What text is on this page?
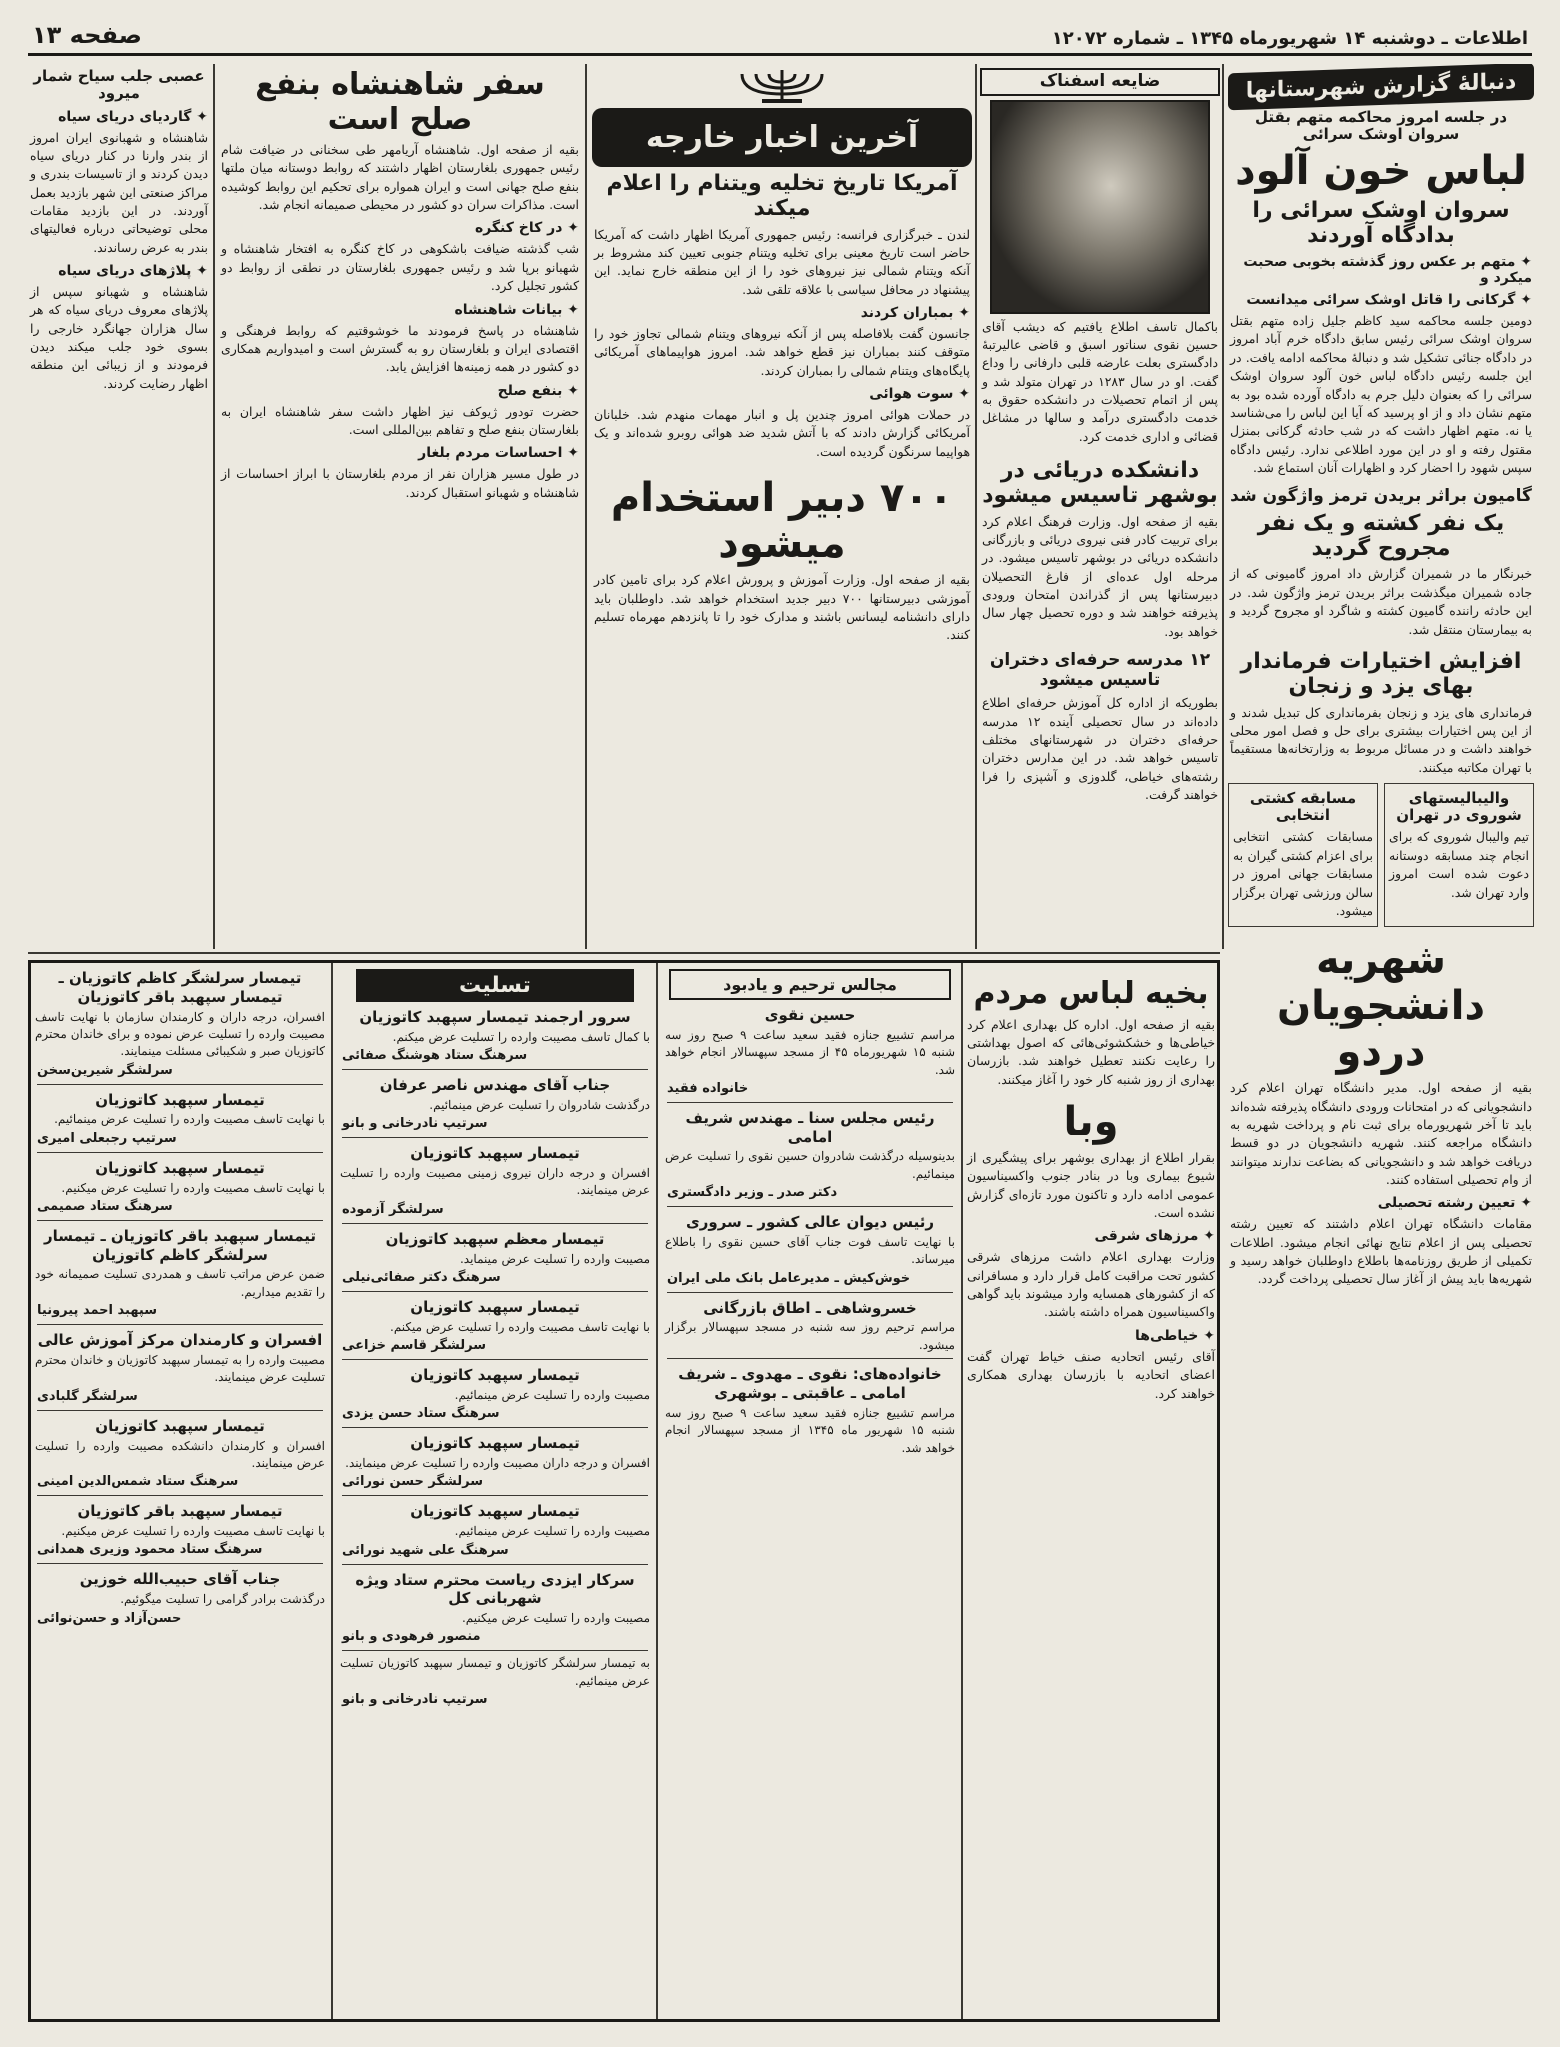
اطلاعات ـ دوشنبه ۱۴ شهریورماه ۱۳۴۵ ـ شماره ۱۲۰۷۲
صفحه ۱۳
دنبالۀ گزارش شهرستانها
در جلسه امروز محاکمه متهم بقتل سروان اوشک سرائی
لباس خون آلود
سروان اوشک سرائی را بدادگاه آوردند
✦ متهم بر عکس روز گذشته بخوبی صحبت میکرد و
✦ گرکانی را قاتل اوشک سرائی میدانست
دومین جلسه محاکمه سید کاظم جلیل زاده متهم بقتل سروان اوشک سرائی رئیس سابق دادگاه خرم آباد امروز در دادگاه جنائی تشکیل شد و دنبالۀ محاکمه ادامه یافت. در این جلسه رئیس دادگاه لباس خون آلود سروان اوشک سرائی را که بعنوان دلیل جرم به دادگاه آورده شده بود به متهم نشان داد و از او پرسید که آیا این لباس را می‌شناسد یا نه. متهم اظهار داشت که در شب حادثه گرکانی بمنزل مقتول رفته و او در این مورد اطلاعی ندارد. رئیس دادگاه سپس شهود را احضار کرد و اظهارات آنان استماع شد.
گامیون براثر بریدن ترمز واژگون شد
یک نفر کشته و یک نفر مجروح گردید
خبرنگار ما در شمیران گزارش داد امروز گامیونی که از جاده شمیران میگذشت براثر بریدن ترمز واژگون شد. در این حادثه راننده گامیون کشته و شاگرد او مجروح گردید و به بیمارستان منتقل شد.
افزایش اختیارات فرماندار بهای یزد و زنجان
فرمانداری های یزد و زنجان بفرمانداری کل تبدیل شدند و از این پس اختیارات بیشتری برای حل و فصل امور محلی خواهند داشت و در مسائل مربوط به وزارتخانه‌ها مستقیماً با تهران مکاتبه میکنند.
والیبالیستهای شوروی در تهران
تیم والیبال شوروی که برای انجام چند مسابقه دوستانه دعوت شده است امروز وارد تهران شد.
مسابقه کشتی انتخابی
مسابقات کشتی انتخابی برای اعزام کشتی گیران به مسابقات جهانی امروز در سالن ورزشی تهران برگزار میشود.
شهریه دانشجویان دردو
بقیه از صفحه اول. مدیر دانشگاه تهران اعلام کرد دانشجویانی که در امتحانات ورودی دانشگاه پذیرفته شده‌اند باید تا آخر شهریورماه برای ثبت نام و پرداخت شهریه به دانشگاه مراجعه کنند. شهریه دانشجویان در دو قسط دریافت خواهد شد و دانشجویانی که بضاعت ندارند میتوانند از وام تحصیلی استفاده کنند.
✦ تعیین رشته تحصیلی
مقامات دانشگاه تهران اعلام داشتند که تعیین رشته تحصیلی پس از اعلام نتایج نهائی انجام میشود. اطلاعات تکمیلی از طریق روزنامه‌ها باطلاع داوطلبان خواهد رسید و شهریه‌ها باید پیش از آغاز سال تحصیلی پرداخت گردد.
ضایعه اسفناک
باکمال تاسف اطلاع یافتیم که دیشب آقای حسین نقوی سناتور اسبق و قاضی عالیرتبۀ دادگستری بعلت عارضه قلبی دارفانی را وداع گفت. او در سال ۱۲۸۳ در تهران متولد شد و پس از اتمام تحصیلات در دانشکده حقوق به خدمت دادگستری درآمد و سالها در مشاغل قضائی و اداری خدمت کرد.
دانشکده دریائی در بوشهر تاسیس میشود
بقیه از صفحه اول. وزارت فرهنگ اعلام کرد برای تربیت کادر فنی نیروی دریائی و بازرگانی دانشکده دریائی در بوشهر تاسیس میشود. در مرحله اول عده‌ای از فارغ التحصیلان دبیرستانها پس از گذراندن امتحان ورودی پذیرفته خواهند شد و دوره تحصیل چهار سال خواهد بود.
۱۲ مدرسه حرفه‌ای دختران تاسیس میشود
بطوریکه از اداره کل آموزش حرفه‌ای اطلاع داده‌اند در سال تحصیلی آینده ۱۲ مدرسه حرفه‌ای دختران در شهرستانهای مختلف تاسیس خواهد شد. در این مدارس دختران رشته‌های خیاطی، گلدوزی و آشپزی را فرا خواهند گرفت.
آخرین اخبار خارجه
آمریکا تاریخ تخلیه ویتنام را اعلام میکند
لندن ـ خبرگزاری فرانسه: رئیس جمهوری آمریکا اظهار داشت که آمریکا حاضر است تاریخ معینی برای تخلیه ویتنام جنوبی تعیین کند مشروط بر آنکه ویتنام شمالی نیز نیروهای خود را از این منطقه خارج نماید. این پیشنهاد در محافل سیاسی با علاقه تلقی شد.
✦ بمباران کردند
جانسون گفت بلافاصله پس از آنکه نیروهای ویتنام شمالی تجاوز خود را متوقف کنند بمباران نیز قطع خواهد شد. امروز هواپیماهای آمریکائی پایگاه‌های ویتنام شمالی را بمباران کردند.
✦ سوت هوائی
در حملات هوائی امروز چندین پل و انبار مهمات منهدم شد. خلبانان آمریکائی گزارش دادند که با آتش شدید ضد هوائی روبرو شده‌اند و یک هواپیما سرنگون گردیده است.
۷۰۰ دبیر استخدام میشود
بقیه از صفحه اول. وزارت آموزش و پرورش اعلام کرد برای تامین کادر آموزشی دبیرستانها ۷۰۰ دبیر جدید استخدام خواهد شد. داوطلبان باید دارای دانشنامه لیسانس باشند و مدارک خود را تا پانزدهم مهرماه تسلیم کنند.
سفر شاهنشاه بنفع صلح است
بقیه از صفحه اول. شاهنشاه آریامهر طی سخنانی در ضیافت شام رئیس جمهوری بلغارستان اظهار داشتند که روابط دوستانه میان ملتها بنفع صلح جهانی است و ایران همواره برای تحکیم این روابط کوشیده است. مذاکرات سران دو کشور در محیطی صمیمانه انجام شد.
✦ در کاخ کنگره
شب گذشته ضیافت باشکوهی در کاخ کنگره به افتخار شاهنشاه و شهبانو برپا شد و رئیس جمهوری بلغارستان در نطقی از روابط دو کشور تجلیل کرد.
✦ بیانات شاهنشاه
شاهنشاه در پاسخ فرمودند ما خوشوقتیم که روابط فرهنگی و اقتصادی ایران و بلغارستان رو به گسترش است و امیدواریم همکاری دو کشور در همه زمینه‌ها افزایش یابد.
✦ بنفع صلح
حضرت تودور ژیوکف نیز اظهار داشت سفر شاهنشاه ایران به بلغارستان بنفع صلح و تفاهم بین‌المللی است.
✦ احساسات مردم بلغار
در طول مسیر هزاران نفر از مردم بلغارستان با ابراز احساسات از شاهنشاه و شهبانو استقبال کردند.
عصبی جلب سیاح شمار میرود
✦ گاردیای دریای سیاه
شاهنشاه و شهبانوی ایران امروز از بندر وارنا در کنار دریای سیاه دیدن کردند و از تاسیسات بندری و مراکز صنعتی این شهر بازدید بعمل آوردند. در این بازدید مقامات محلی توضیحاتی درباره فعالیتهای بندر به عرض رساندند.
✦ پلاژهای دریای سیاه
شاهنشاه و شهبانو سپس از پلاژهای معروف دریای سیاه که هر سال هزاران جهانگرد خارجی را بسوی خود جلب میکند دیدن فرمودند و از زیبائی این منطقه اظهار رضایت کردند.
بخیه لباس مردم
بقیه از صفحه اول. اداره کل بهداری اعلام کرد خیاطی‌ها و خشکشوئی‌هائی که اصول بهداشتی را رعایت نکنند تعطیل خواهند شد. بازرسان بهداری از روز شنبه کار خود را آغاز میکنند.
وبا
بقرار اطلاع از بهداری بوشهر برای پیشگیری از شیوع بیماری وبا در بنادر جنوب واکسیناسیون عمومی ادامه دارد و تاکنون مورد تازه‌ای گزارش نشده است.
✦ مرزهای شرقی
وزارت بهداری اعلام داشت مرزهای شرقی کشور تحت مراقبت کامل قرار دارد و مسافرانی که از کشورهای همسایه وارد میشوند باید گواهی واکسیناسیون همراه داشته باشند.
✦ خیاطی‌ها
آقای رئیس اتحادیه صنف خیاط تهران گفت اعضای اتحادیه با بازرسان بهداری همکاری خواهند کرد.
مجالس ترحیم و یادبود
حسین نقوی
مراسم تشییع جنازه فقید سعید ساعت ۹ صبح روز سه شنبه ۱۵ شهریورماه ۴۵ از مسجد سپهسالار انجام خواهد شد.
خانواده فقید
رئیس مجلس سنا ـ مهندس شریف امامی
بدینوسیله درگذشت شادروان حسین نقوی را تسلیت عرض مینمائیم.
دکتر صدر ـ وزیر دادگستری
رئیس دیوان عالی کشور ـ سروری
با نهایت تاسف فوت جناب آقای حسین نقوی را باطلاع میرساند.
خوش‌کیش ـ مدیرعامل بانک ملی ایران
خسروشاهی ـ اطاق بازرگانی
مراسم ترحیم روز سه شنبه در مسجد سپهسالار برگزار میشود.
خانواده‌های: نقوی ـ مهدوی ـ شریف امامی ـ عاقبتی ـ بوشهری
مراسم تشییع جنازه فقید سعید ساعت ۹ صبح روز سه شنبه ۱۵ شهریور ماه ۱۳۴۵ از مسجد سپهسالار انجام خواهد شد.
تسلیت
سرور ارجمند تیمسار سپهبد کاتوزیان
با کمال تاسف مصیبت وارده را تسلیت عرض میکنم.
سرهنگ ستاد هوشنگ صفائی
جناب آقای مهندس ناصر عرفان
درگذشت شادروان را تسلیت عرض مینمائیم.
سرتیپ نادرخانی و بانو
تیمسار سپهبد کاتوزیان
افسران و درجه داران نیروی زمینی مصیبت وارده را تسلیت عرض مینمایند.
سرلشگر آزموده
تیمسار معظم سپهبد کاتوزیان
مصیبت وارده را تسلیت عرض مینماید.
سرهنگ دکتر صفائی‌نیلی
تیمسار سپهبد کاتوزیان
با نهایت تاسف مصیبت وارده را تسلیت عرض میکنم.
سرلشگر قاسم خزاعی
تیمسار سپهبد کاتوزیان
مصیبت وارده را تسلیت عرض مینمائیم.
سرهنگ ستاد حسن یزدی
تیمسار سپهبد کاتوزیان
افسران و درجه داران مصیبت وارده را تسلیت عرض مینمایند.
سرلشگر حسن نورائی
تیمسار سپهبد کاتوزیان
مصیبت وارده را تسلیت عرض مینمائیم.
سرهنگ علی شهید نورائی
سرکار ایزدی ریاست محترم ستاد ویژه شهربانی کل
مصیبت وارده را تسلیت عرض میکنیم.
منصور فرهودی و بانو
به تیمسار سرلشگر کاتوزیان و تیمسار سپهبد کاتوزیان تسلیت عرض مینمائیم.
سرتیپ نادرخانی و بانو
تیمسار سرلشگر کاظم کاتوزیان ـ تیمسار سپهبد باقر کاتوزیان
افسران، درجه داران و کارمندان سازمان با نهایت تاسف مصیبت وارده را تسلیت عرض نموده و برای خاندان محترم کاتوزیان صبر و شکیبائی مسئلت مینمایند.
سرلشگر شیرین‌سخن
تیمسار سپهبد کاتوزیان
با نهایت تاسف مصیبت وارده را تسلیت عرض مینمائیم.
سرتیپ رجبعلی امیری
تیمسار سپهبد کاتوزیان
با نهایت تاسف مصیبت وارده را تسلیت عرض میکنیم.
سرهنگ ستاد صمیمی
تیمسار سپهبد باقر کاتوزیان ـ تیمسار سرلشگر کاظم کاتوزیان
ضمن عرض مراتب تاسف و همدردی تسلیت صمیمانه خود را تقدیم میداریم.
سپهبد احمد پیرونیا
افسران و کارمندان مرکز آموزش عالی
مصیبت وارده را به تیمسار سپهبد کاتوزیان و خاندان محترم تسلیت عرض مینمایند.
سرلشگر گلبادی
تیمسار سپهبد کاتوزیان
افسران و کارمندان دانشکده مصیبت وارده را تسلیت عرض مینمایند.
سرهنگ ستاد شمس‌الدین امینی
تیمسار سپهبد باقر کاتوزیان
با نهایت تاسف مصیبت وارده را تسلیت عرض میکنیم.
سرهنگ ستاد محمود وزیری همدانی
جناب آقای حبیب‌الله خوزین
درگذشت برادر گرامی را تسلیت میگوئیم.
حسن‌آزاد و حسن‌نوائی
